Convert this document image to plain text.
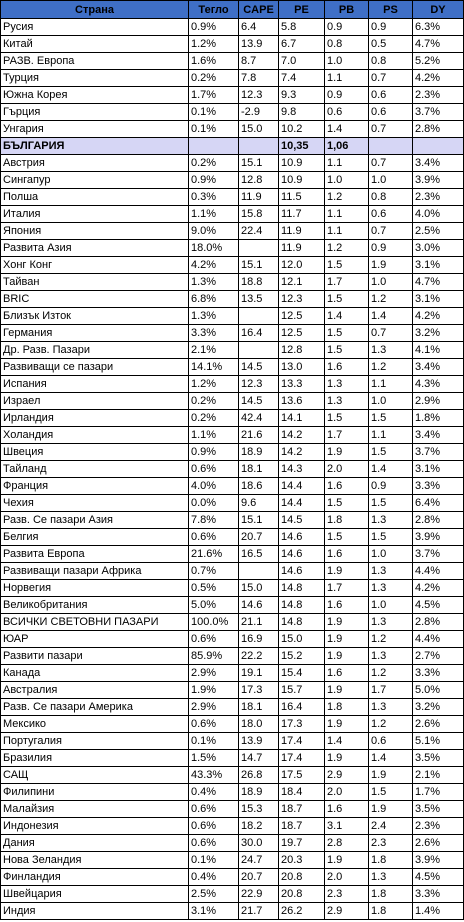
Страна	Тегло	CAPE	PE	PB	PS	DY
Русия	0.9%	6.4	5.8	0.9	0.9	6.3%
Китай	1.2%	13.9	6.7	0.8	0.5	4.7%
РАЗВ. Европа	1.6%	8.7	7.0	1.0	0.8	5.2%
Турция	0.2%	7.8	7.4	1.1	0.7	4.2%
Южна Корея	1.7%	12.3	9.3	0.9	0.6	2.3%
Гърция	0.1%	-2.9	9.8	0.6	0.6	3.7%
Унгария	0.1%	15.0	10.2	1.4	0.7	2.8%
БЪЛГАРИЯ			10,35	1,06		
Австрия	0.2%	15.1	10.9	1.1	0.7	3.4%
Сингапур	0.9%	12.8	10.9	1.0	1.0	3.9%
Полша	0.3%	11.9	11.5	1.2	0.8	2.3%
Италия	1.1%	15.8	11.7	1.1	0.6	4.0%
Япония	9.0%	22.4	11.9	1.1	0.7	2.5%
Развита Азия	18.0%		11.9	1.2	0.9	3.0%
Хонг Конг	4.2%	15.1	12.0	1.5	1.9	3.1%
Тайван	1.3%	18.8	12.1	1.7	1.0	4.7%
BRIC	6.8%	13.5	12.3	1.5	1.2	3.1%
Близък Изток	1.3%		12.5	1.4	1.4	4.2%
Германия	3.3%	16.4	12.5	1.5	0.7	3.2%
Др. Разв. Пазари	2.1%		12.8	1.5	1.3	4.1%
Развиващи се пазари	14.1%	14.5	13.0	1.6	1.2	3.4%
Испания	1.2%	12.3	13.3	1.3	1.1	4.3%
Израел	0.2%	14.5	13.6	1.3	1.0	2.9%
Ирландия	0.2%	42.4	14.1	1.5	1.5	1.8%
Холандия	1.1%	21.6	14.2	1.7	1.1	3.4%
Швеция	0.9%	18.9	14.2	1.9	1.5	3.7%
Тайланд	0.6%	18.1	14.3	2.0	1.4	3.1%
Франция	4.0%	18.6	14.4	1.6	0.9	3.3%
Чехия	0.0%	9.6	14.4	1.5	1.5	6.4%
Разв. Се пазари Азия	7.8%	15.1	14.5	1.8	1.3	2.8%
Белгия	0.6%	20.7	14.6	1.5	1.5	3.9%
Развита Европа	21.6%	16.5	14.6	1.6	1.0	3.7%
Развиващи пазари Африка	0.7%		14.6	1.9	1.3	4.4%
Норвегия	0.5%	15.0	14.8	1.7	1.3	4.2%
Великобритания	5.0%	14.6	14.8	1.6	1.0	4.5%
ВСИЧКИ СВЕТОВНИ ПАЗАРИ	100.0%	21.1	14.8	1.9	1.3	2.8%
ЮАР	0.6%	16.9	15.0	1.9	1.2	4.4%
Развити пазари	85.9%	22.2	15.2	1.9	1.3	2.7%
Канада	2.9%	19.1	15.4	1.6	1.2	3.3%
Австралия	1.9%	17.3	15.7	1.9	1.7	5.0%
Разв. Се пазари Америка	2.9%	18.1	16.4	1.8	1.3	3.2%
Мексико	0.6%	18.0	17.3	1.9	1.2	2.6%
Португалия	0.1%	13.9	17.4	1.4	0.6	5.1%
Бразилия	1.5%	14.7	17.4	1.9	1.4	3.5%
САЩ	43.3%	26.8	17.5	2.9	1.9	2.1%
Филипини	0.4%	18.9	18.4	2.0	1.5	1.7%
Малайзия	0.6%	15.3	18.7	1.6	1.9	3.5%
Индонезия	0.6%	18.2	18.7	3.1	2.4	2.3%
Дания	0.6%	30.0	19.7	2.8	2.3	2.6%
Нова Зеландия	0.1%	24.7	20.3	1.9	1.8	3.9%
Финландия	0.4%	20.7	20.8	2.0	1.3	4.5%
Швейцария	2.5%	22.9	20.8	2.3	1.8	3.3%
Индия	3.1%	21.7	26.2	2.9	1.8	1.4%
